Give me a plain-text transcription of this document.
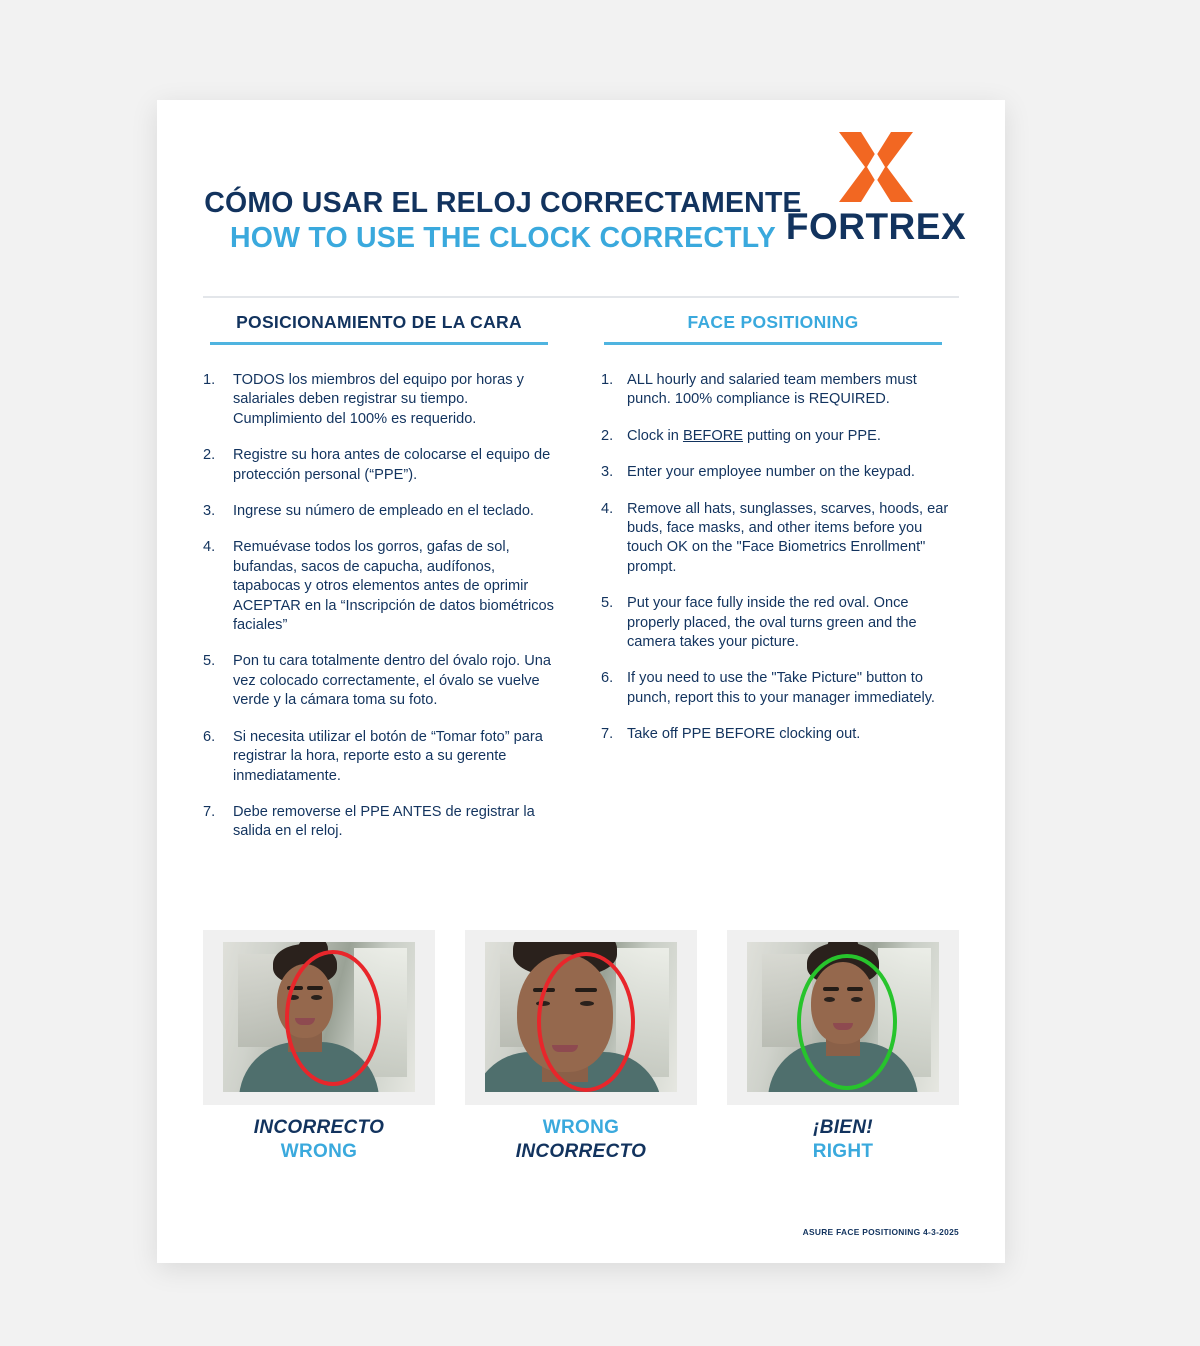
CÓMO USAR EL RELOJ CORRECTAMENTE
HOW TO USE THE CLOCK CORRECTLY FORTREX
POSICIONAMIENTO DE LA CARA
1.	TODOS los miembros del equipo por horas y salariales deben registrar su tiempo. Cumplimiento del 100% es requerido.
2.	Registre su hora antes de colocarse el equipo de protección personal (“PPE”).
3.	Ingrese su número de empleado en el teclado.
4.	Remuévase todos los gorros, gafas de sol, bufandas, sacos de capucha, audífonos, tapabocas y otros elementos antes de oprimir ACEPTAR en la “Inscripción de datos biométricos faciales”
5.	Pon tu cara totalmente dentro del óvalo rojo. Una vez colocado correctamente, el óvalo se vuelve verde y la cámara toma su foto.
6.	Si necesita utilizar el botón de “Tomar foto” para registrar la hora, reporte esto a su gerente inmediatamente.
7.	Debe removerse el PPE ANTES de registrar la salida en el reloj.
FACE POSITIONING
1. ALL hourly and salaried team members must punch. 100% compliance is REQUIRED.
2. Clock in BEFORE putting on your PPE.
3. Enter your employee number on the keypad.
4. Remove all hats, sunglasses, scarves, hoods, ear buds, face masks, and other items before you touch OK on the "Face Biometrics Enrollment" prompt.
5. Put your face fully inside the red oval. Once properly placed, the oval turns green and the camera takes your picture.
6. If you need to use the "Take Picture" button to punch, report this to your manager immediately.
7. Take off PPE BEFORE clocking out.
INCORRECTO
WRONG
WRONG
INCORRECTO
¡BIEN!
RIGHT
ASURE FACE POSITIONING 4-3-2025
